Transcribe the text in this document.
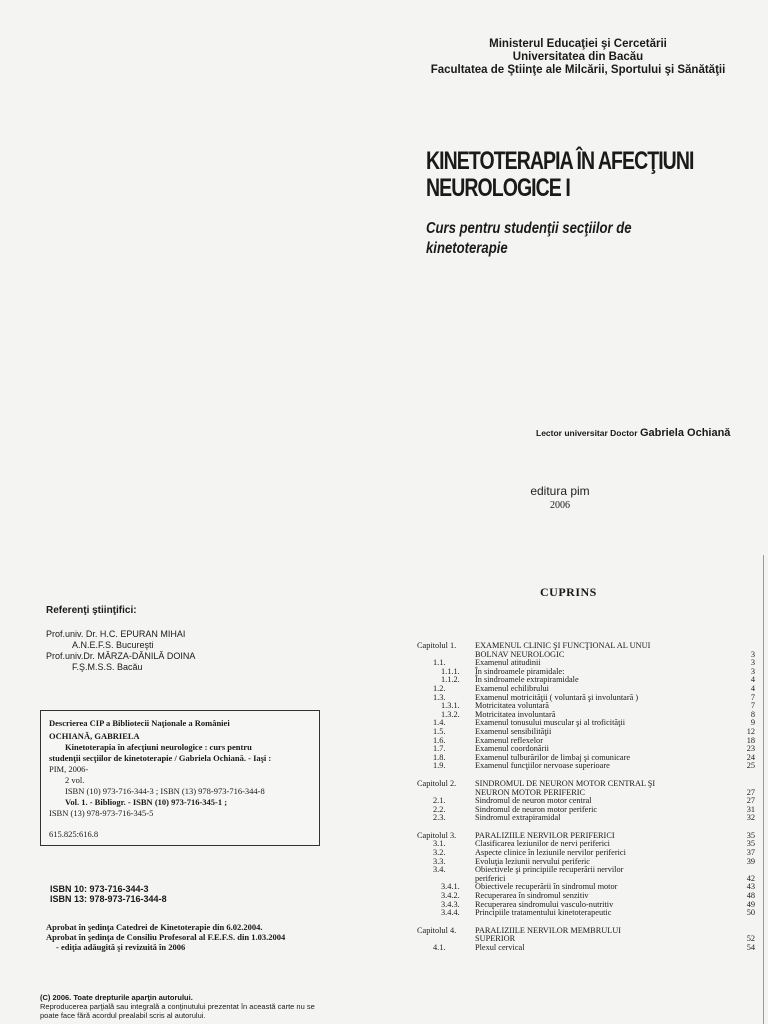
Ministerul Educaţiei şi Cercetării
Universitatea din Bacău
Facultatea de Ştiinţe ale Milcării, Sportului şi Sănătăţii
KINETOTERAPIA ÎN AFECŢIUNI
NEUROLOGICE I
Curs pentru studenţii secţiilor de
kinetoterapie
Lector universitar Doctor Gabriela Ochiană
editura pim
2006
Referenţi ştiinţifici:
Prof.univ. Dr. H.C. EPURAN MIHAI
A.N.E.F.S. Bucureşti
Prof.univ.Dr. MÂRZA-DĂNILĂ DOINA
F.Ş.M.S.S. Bacău
Descrierea CIP a Bibliotecii Naţionale a României
OCHIANĂ, GABRIELA
Kinetoterapia în afecţiuni neurologice : curs pentru
studenţii secţiilor de kinetoterapie / Gabriela Ochiană. - Iaşi :
PIM, 2006-
2 vol.
ISBN (10) 973-716-344-3 ; ISBN (13) 978-973-716-344-8
Vol. 1. - Bibliogr. - ISBN (10) 973-716-345-1 ;
ISBN (13) 978-973-716-345-5
615.825:616.8
ISBN 10: 973-716-344-3
ISBN 13: 978-973-716-344-8
Aprobat în şedinţa Catedrei de Kinetoterapie din 6.02.2004.
Aprobat în şedinţa de Consiliu Profesoral al F.E.F.S. din 1.03.2004
- ediţia adăugită şi revizuită în 2006
(C) 2006. Toate drepturile aparţin autorului.
Reproducerea parţială sau integrală a conţinutului prezentat în această carte nu se
poate face fără acordul prealabil scris al autorului.
CUPRINS
Capitolul 1. EXAMENUL CLINIC ŞI FUNCŢIONAL AL UNUI
BOLNAV NEUROLOGIC	3
1.1.	Examenul atitudinii	3
1.1.1. În sindroamele piramidale:	3
1.1.2. În sindroamele extrapiramidale	4
1.2.	Examenul echilibrului	4
1.3.	Examenul motricităţii ( voluntară şi involuntară )	7
1.3.1. Motricitatea voluntară	7
1.3.2. Motricitatea involuntară	8
1.4.	Examenul tonusului muscular şi al troficităţii	9
1.5.	Examenul sensibilităţii	12
1.6.	Examenul reflexelor	18
1.7.	Examenul coordonării	23
1.8.	Examenul tulburărilor de limbaj şi comunicare	24
1.9.	Examenul funcţiilor nervoase superioare	25
Capitolul 2. SINDROMUL DE NEURON MOTOR CENTRAL ŞI
NEURON MOTOR PERIFERIC	27
2.1.	Sindromul de neuron motor central	27
2.2.	Sindromul de neuron motor periferic	31
2.3.	Sindromul extrapiramidal	32
Capitolul 3. PARALIZIILE NERVILOR PERIFERICI	35
3.1.	Clasificarea leziunilor de nervi periferici	35
3.2.	Aspecte clinice în leziunile nervilor periferici	37
3.3.	Evoluţia leziunii nervului periferic	39
3.4.	Obiectivele şi principiile recuperării nervilor
periferici	42
3.4.1. Obiectivele recuperării în sindromul motor	43
3.4.2. Recuperarea în sindromul senzitiv	48
3.4.3. Recuperarea sindromului vasculo-nutritiv	49
3.4.4. Principiile tratamentului kinetoterapeutic	50
Capitolul 4. PARALIZIILE NERVILOR MEMBRULUI
SUPERIOR	52
4.1.	Plexul cervical	54
